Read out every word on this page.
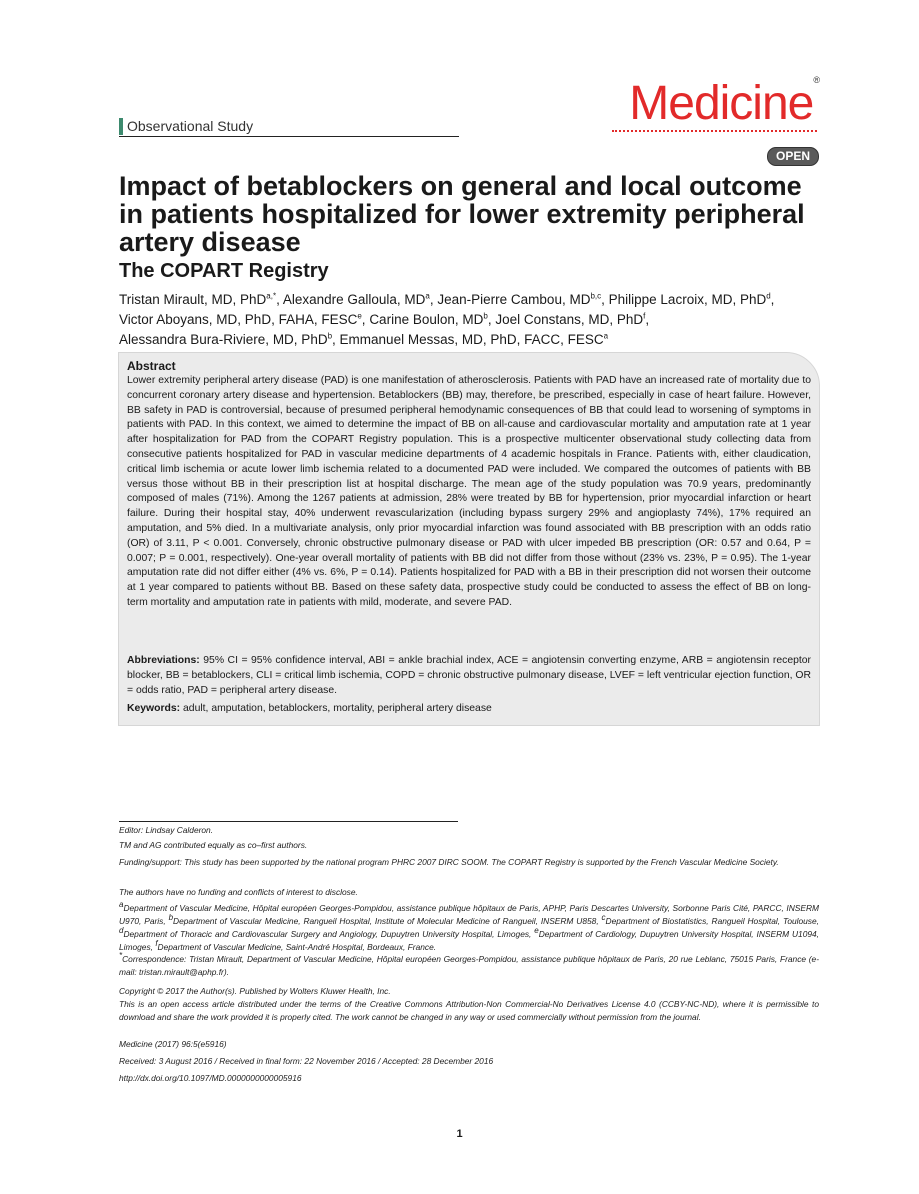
Observational Study	Medicine®
OPEN
Impact of betablockers on general and local outcome in patients hospitalized for lower extremity peripheral artery disease
The COPART Registry
Tristan Mirault, MD, PhD$^{a,*}$, Alexandre Galloula, $MD^a$, Jean-Pierre Cambou, MD$^{b,c}$, Philippe Lacroix, MD, PhD$^d$,
Victor Aboyans, MD, PhD, FAHA, FESC$^e$, Carine Boulon, $MD^b$, Joel Constans, MD, PhD$^f$,
Alessandra Bura-Riviere, MD, PhD$^b$, Emmanuel Messas, MD, PhD, FACC, FESC$^a$
Abstract
Lower extremity peripheral artery disease (PAD) is one manifestation of atherosclerosis. Patients with PAD have an increased rate of mortality due to concurrent coronary artery disease and hypertension. Betablockers (BB) may, therefore, be prescribed, especially in case of heart failure. However, BB safety in PAD is controversial, because of presumed peripheral hemodynamic consequences of BB that could lead to worsening of symptoms in patients with PAD. In this context, we aimed to determine the impact of BB on all-cause and cardiovascular mortality and amputation rate at 1 year after hospitalization for PAD from the COPART Registry population. This is a prospective multicenter observational study collecting data from consecutive patients hospitalized for PAD in vascular medicine departments of 4 academic hospitals in France. Patients with, either claudication, critical limb ischemia or acute lower limb ischemia related to a documented PAD were included. We compared the outcomes of patients with BB versus those without BB in their prescription list at hospital discharge. The mean age of the study population was 70.9 years, predominantly composed of males (71%). Among the 1267 patients at admission, 28% were treated by BB for hypertension, prior myocardial infarction or heart failure. During their hospital stay, 40% underwent revascularization (including bypass surgery 29% and angioplasty 74%), 17% required an amputation, and 5% died. In a multivariate analysis, only prior myocardial infarction was found associated with BB prescription with an odds ratio (OR) of 3.11, P < 0.001. Conversely, chronic obstructive pulmonary disease or PAD with ulcer impeded BB prescription (OR: 0.57 and 0.64, P = 0.007; P = 0.001, respectively). One-year overall mortality of patients with BB did not differ from those without (23% vs. 23%, P = 0.95). The 1-year amputation rate did not differ either (4% vs. 6%, P = 0.14). Patients hospitalized for PAD with a BB in their prescription did not worsen their outcome at 1 year compared to patients without BB. Based on these safety data, prospective study could be conducted to assess the effect of BB on long-term mortality and amputation rate in patients with mild, moderate, and severe PAD.
Abbreviations: 95% CI = 95% confidence interval, ABI = ankle brachial index, ACE = angiotensin converting enzyme, ARB = angiotensin receptor blocker, BB = betablockers, CLI = critical limb ischemia, COPD = chronic obstructive pulmonary disease, LVEF = left ventricular ejection function, OR = odds ratio, PAD = peripheral artery disease.
Keywords: adult, amputation, betablockers, mortality, peripheral artery disease
Editor: Lindsay Calderon.
TM and AG contributed equally as co–first authors.
Funding/support: This study has been supported by the national program PHRC 2007 DIRC SOOM. The COPART Registry is supported by the French Vascular Medicine Society.
The authors have no funding and conflicts of interest to disclose.
$^a$Department of Vascular Medicine, Hôpital européen Georges-Pompidou, assistance publique hôpitaux de Paris, APHP, Paris Descartes University, Sorbonne Paris Cité, PARCC, INSERM U970, Paris, $^b$Department of Vascular Medicine, Rangueil Hospital, Institute of Molecular Medicine of Rangueil, INSERM U858, $^c$Department of Biostatistics, Rangueil Hospital, Toulouse, $^d$Department of Thoracic and Cardiovascular Surgery and Angiology, Dupuytren University Hospital, Limoges, $^e$Department of Cardiology, Dupuytren University Hospital, INSERM U1094, Limoges, $^f$Department of Vascular Medicine, Saint-André Hospital, Bordeaux, France.
*Correspondence: Tristan Mirault, Department of Vascular Medicine, Hôpital européen Georges-Pompidou, assistance publique hôpitaux de Paris, 20 rue Leblanc, 75015 Paris, France (e-mail: tristan.mirault@aphp.fr).
Copyright © 2017 the Author(s). Published by Wolters Kluwer Health, Inc.
This is an open access article distributed under the terms of the Creative Commons Attribution-Non Commercial-No Derivatives License 4.0 (CCBY-NC-ND), where it is permissible to download and share the work provided it is properly cited. The work cannot be changed in any way or used commercially without permission from the journal.
Medicine (2017) 96:5(e5916)
Received: 3 August 2016 / Received in final form: 22 November 2016 / Accepted: 28 December 2016
http://dx.doi.org/10.1097/MD.0000000000005916
1
